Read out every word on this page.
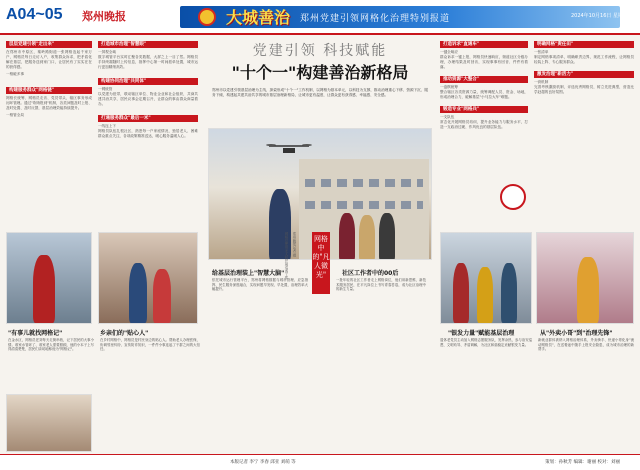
A04~05 郑州晚报	大城善治 郑州党建引领网格化治理特别报道	2024年10月16日 星期三
层层党建引领"走出来"
在郑州市中原区，秦岭路街道一张网格连起千家万户，网格员每日走访入户，收集群众诉求，把矛盾化解在基层，把服务送到家门口，让居民有了实实在在的获得感。
一格破多事
构建服务群众"网格链"
网格长统筹、网格员走访、党员带头，辖区事务形成闭环管理。通过"吹哨报到"机制，各类问题及时上报、及时处置、及时反馈，基层治理效能持续提升。
一格管全局
打造城市治理"智慧眼"
一屏观全域
数字城管平台实时汇聚各类数据，大屏之上一目了然。网格员手持终端随时上传信息，指挥中心第一时间派单处置，城市运行更加精细高效。
构建协同治理"共同体"
一网统管
以党建为纽带，联动辖区单位、物业企业和社会组织，共商共建共治共享，居民议事会定期召开，让群众的事由群众商量着办。
打通服务群众"最后一米"
一线连上下
网格员队伍扎根社区，熟悉每一户家庭情况，独居老人、困难群众重点关注，各项政策精准送达，暖心服务温暖人心。
党建引领 科技赋能
"十个一"构建善治新格局
郑州市以党建引领基层治理为主线，探索形成"十个一"工作机制，以网格为基本单元，以科技为支撑，推动治理重心下移、资源下沉、服务下倾，构建起共建共治共享的城市基层治理新格局，让城市更有温度，让群众更有获得感、幸福感、安全感。
网格员使用无人机开展巡查工作 郑州晚报记者 摄	网格中的"凡人微光"
"有事儿就找网格记"
在金水区，网格员老刘每天走街串巷，记下居民的大事小情。谁家水管坏了、谁家老人需要照顾，他的小本子上写得清清楚楚，居民们亲切地称他为"网格记"。
乡亲们的"贴心人"
在乡村网格中，网格员是村民身边的贴心人。帮助老人办理医保、协调邻里纠纷、宣传防诈知识，一件件小事连起了干群之间的大信任。
给基层治理装上"智慧大脑"
依托城市运行管理平台，郑州将网格数据与城市管理、应急指挥、民生服务深度融合，实现问题早发现、早处置，治理效率大幅提升。
社区工作者中的00后
一批年轻的社区工作者走上网格岗位，他们用新思维、新技术服务居民，在平凡岗位上书写青春答卷，成为社区治理中的新生力量。
打造诉求"直通车"
一键全响应
群众诉求一键上报，网格员快速响应，街道社区分级办理，办理结果及时回访，实现事事有回音、件件有着落。
推动资源"大整合"
一盘棋统筹
整合辖区各类资源力量，统筹调配人员、资金、场地，形成治理合力，破解基层"小马拉大车"难题。
锻造专业"网格兵"
一支队伍
常态化开展网格员培训，提升业务能力与服务水平，打造一支政治过硬、作风优良的基层队伍。
明确网格"责任田"
一张清单
制定网格事项清单，明确职责边界，规范工作流程，让网格员轻装上阵、专心服务群众。
激发治理"新活力"
一套机制
完善考核激励机制，评选优秀网格员，树立先进典型，营造比学赶超的良好氛围。
"银发力量"赋能基层治理
退休老党员主动加入网格志愿服务队，发挥余热，参与治安巡逻、文明劝导、矛盾调解，为社区和谐稳定贡献银发力量。
从"外卖小哥"到"治理先锋"
新就业群体被纳入网格治理体系，外卖骑手、快递小哥化身"流动网格员"，在送餐途中随手上报安全隐患，成为城市治理的新帮手。
本版记者 李宁 李春 邱亚 刘萌 等	策划：孙秋芳 编辑：谢丽 校对：刘丽
